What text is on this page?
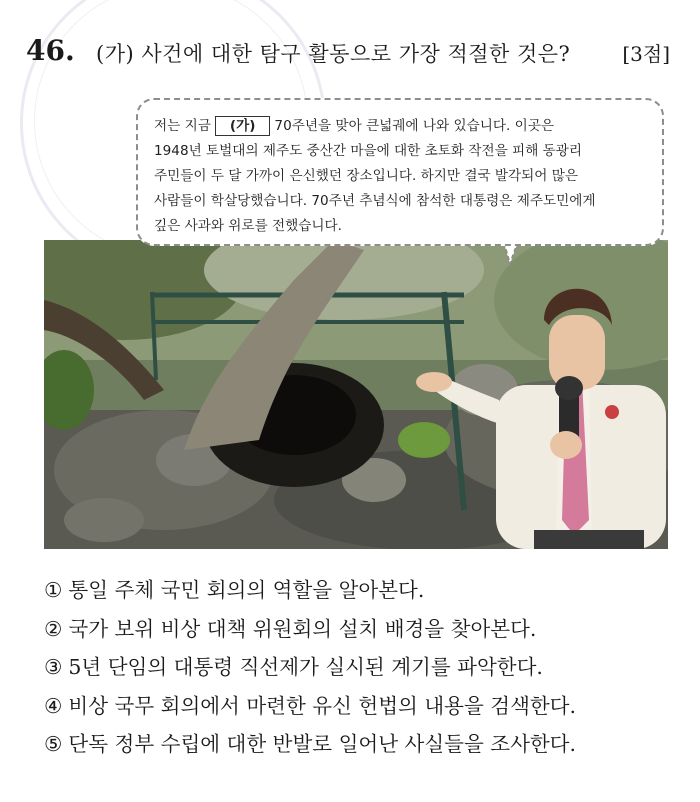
46. (가) 사건에 대한 탐구 활동으로 가장 적절한 것은?	[3점]
저는 지금 (가) 70주년을 맞아 큰넓궤에 나와 있습니다. 이곳은
1948년 토벌대의 제주도 중산간 마을에 대한 초토화 작전을 피해 동광리
주민들이 두 달 가까이 은신했던 장소입니다. 하지만 결국 발각되어 많은
사람들이 학살당했습니다. 70주년 추념식에 참석한 대통령은 제주도민에게
깊은 사과와 위로를 전했습니다.
① 통일 주체 국민 회의의 역할을 알아본다.
② 국가 보위 비상 대책 위원회의 설치 배경을 찾아본다.
③ 5년 단임의 대통령 직선제가 실시된 계기를 파악한다.
④ 비상 국무 회의에서 마련한 유신 헌법의 내용을 검색한다.
⑤ 단독 정부 수립에 대한 반발로 일어난 사실들을 조사한다.
